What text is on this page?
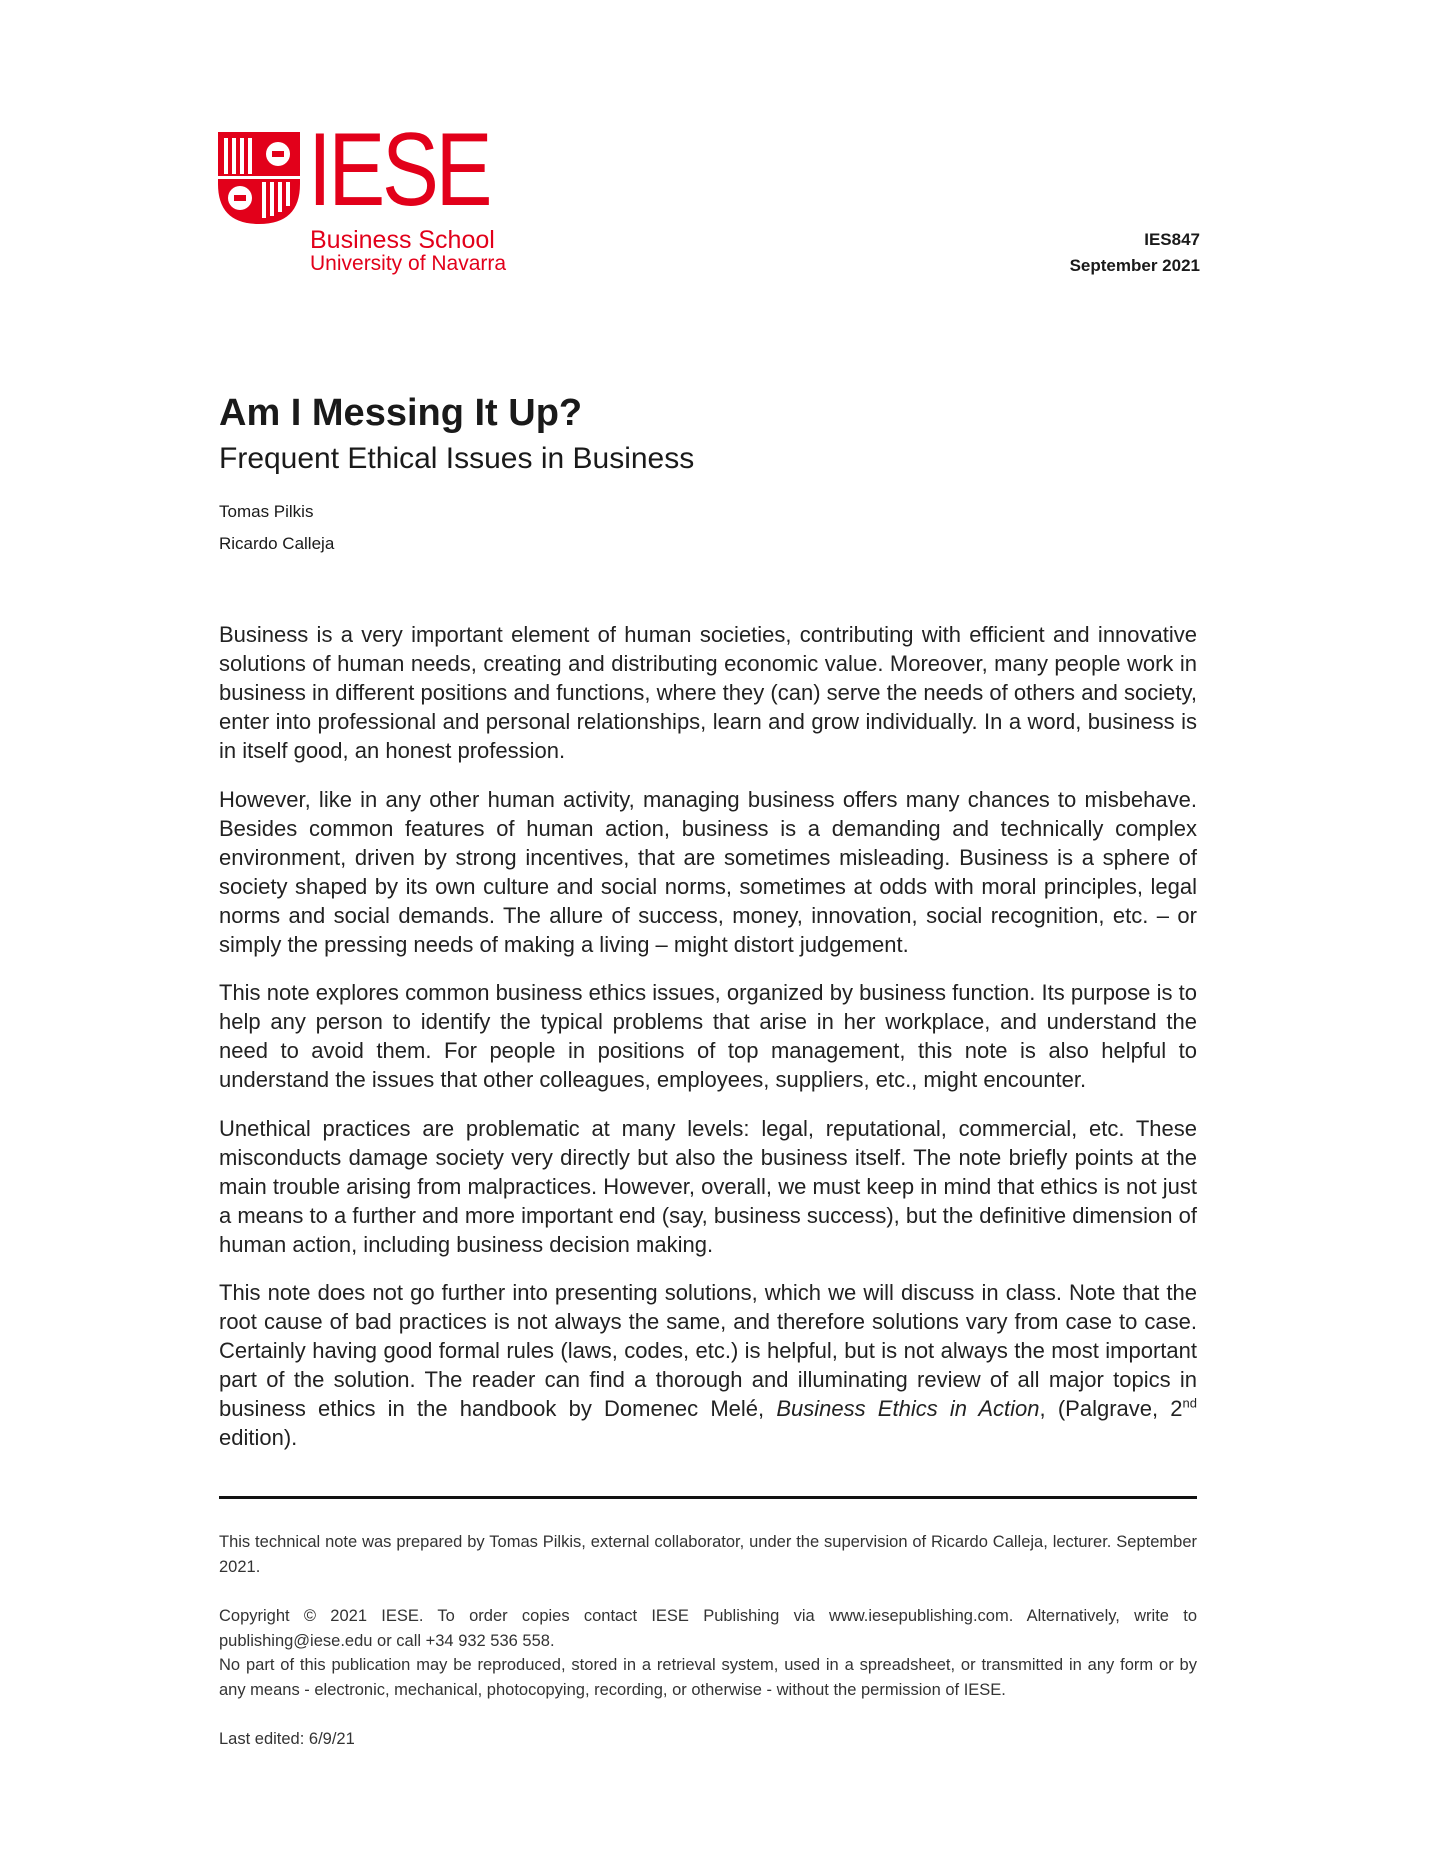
IESE
Business School
University of Navarra
IES847
September 2021
Am I Messing It Up?
Frequent Ethical Issues in Business
Tomas Pilkis
Ricardo Calleja

Business is a very important element of human societies, contributing with efficient and innovative solutions of human needs, creating and distributing economic value. Moreover, many people work in business in different positions and functions, where they (can) serve the needs of others and society, enter into professional and personal relationships, learn and grow individually. In a word, business is in itself good, an honest profession.

However, like in any other human activity, managing business offers many chances to misbehave. Besides common features of human action, business is a demanding and technically complex environment, driven by strong incentives, that are sometimes misleading. Business is a sphere of society shaped by its own culture and social norms, sometimes at odds with moral principles, legal norms and social demands. The allure of success, money, innovation, social recognition, etc. – or simply the pressing needs of making a living – might distort judgement.

This note explores common business ethics issues, organized by business function. Its purpose is to help any person to identify the typical problems that arise in her workplace, and understand the need to avoid them. For people in positions of top management, this note is also helpful to understand the issues that other colleagues, employees, suppliers, etc., might encounter.

Unethical practices are problematic at many levels: legal, reputational, commercial, etc. These misconducts damage society very directly but also the business itself. The note briefly points at the main trouble arising from malpractices. However, overall, we must keep in mind that ethics is not just a means to a further and more important end (say, business success), but the definitive dimension of human action, including business decision making.

This note does not go further into presenting solutions, which we will discuss in class. Note that the root cause of bad practices is not always the same, and therefore solutions vary from case to case. Certainly having good formal rules (laws, codes, etc.) is helpful, but is not always the most important part of the solution. The reader can find a thorough and illuminating review of all major topics in business ethics in the handbook by Domenec Melé, Business Ethics in Action, (Palgrave, 2nd edition).

This technical note was prepared by Tomas Pilkis, external collaborator, under the supervision of Ricardo Calleja, lecturer. September 2021.

Copyright © 2021 IESE. To order copies contact IESE Publishing via www.iesepublishing.com. Alternatively, write to publishing@iese.edu or call +34 932 536 558.

No part of this publication may be reproduced, stored in a retrieval system, used in a spreadsheet, or transmitted in any form or by any means - electronic, mechanical, photocopying, recording, or otherwise - without the permission of IESE.

Last edited: 6/9/21
